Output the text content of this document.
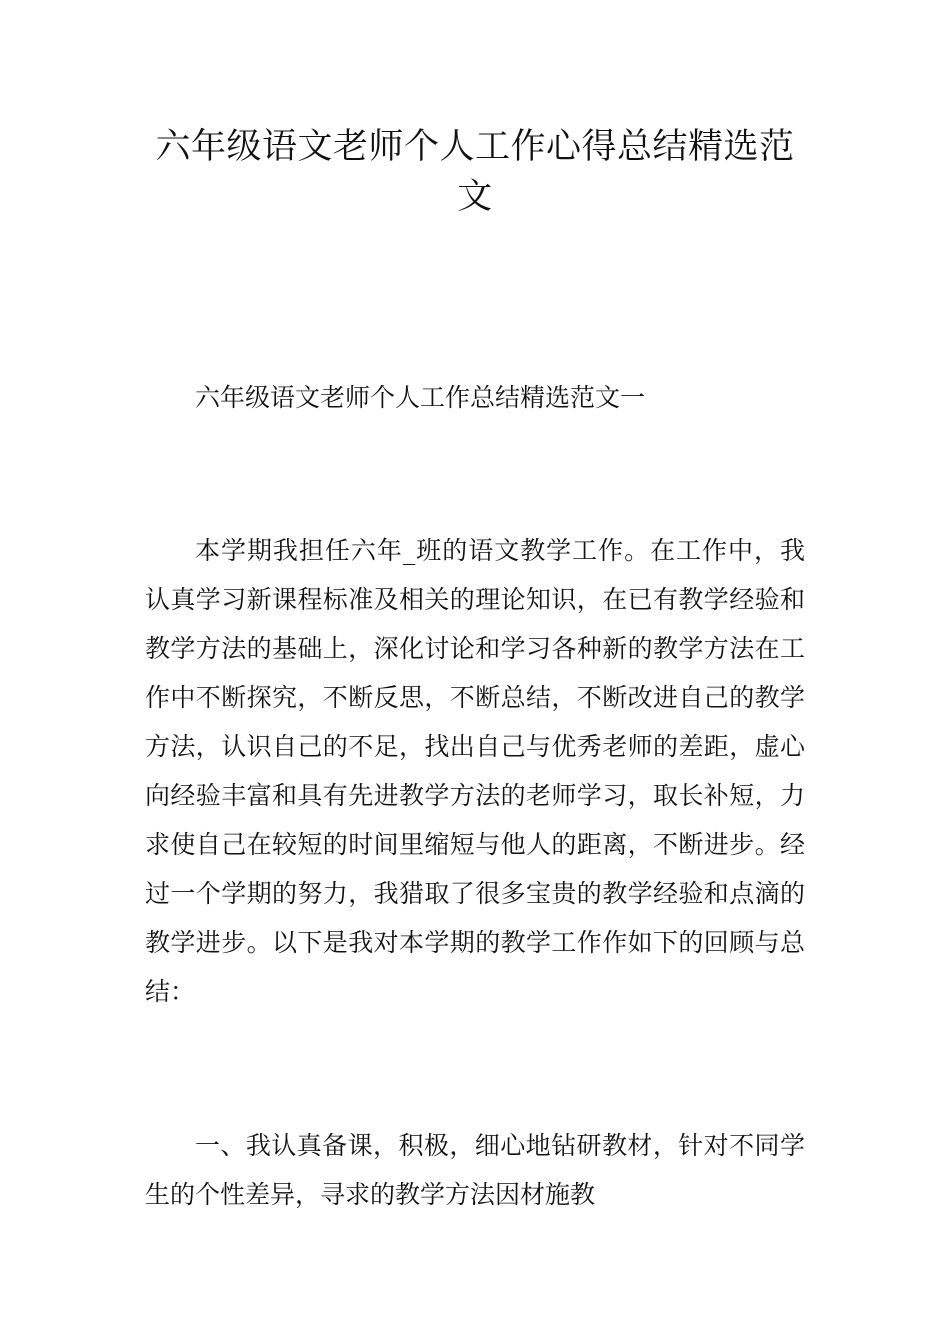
六年级语文老师个人工作心得总结精选范文

六年级语文老师个人工作总结精选范文一

本学期我担任六年_班的语文教学工作。在工作中，我认真学习新课程标准及相关的理论知识，在已有教学经验和教学方法的基础上，深化讨论和学习各种新的教学方法在工作中不断探究，不断反思，不断总结，不断改进自己的教学方法，认识自己的不足，找出自己与优秀老师的差距，虚心向经验丰富和具有先进教学方法的老师学习，取长补短，力求使自己在较短的时间里缩短与他人的距离，不断进步。经过一个学期的努力，我猎取了很多宝贵的教学经验和点滴的教学进步。以下是我对本学期的教学工作作如下的回顾与总结：

一、我认真备课，积极，细心地钻研教材，针对不同学生的个性差异，寻求的教学方法因材施教
